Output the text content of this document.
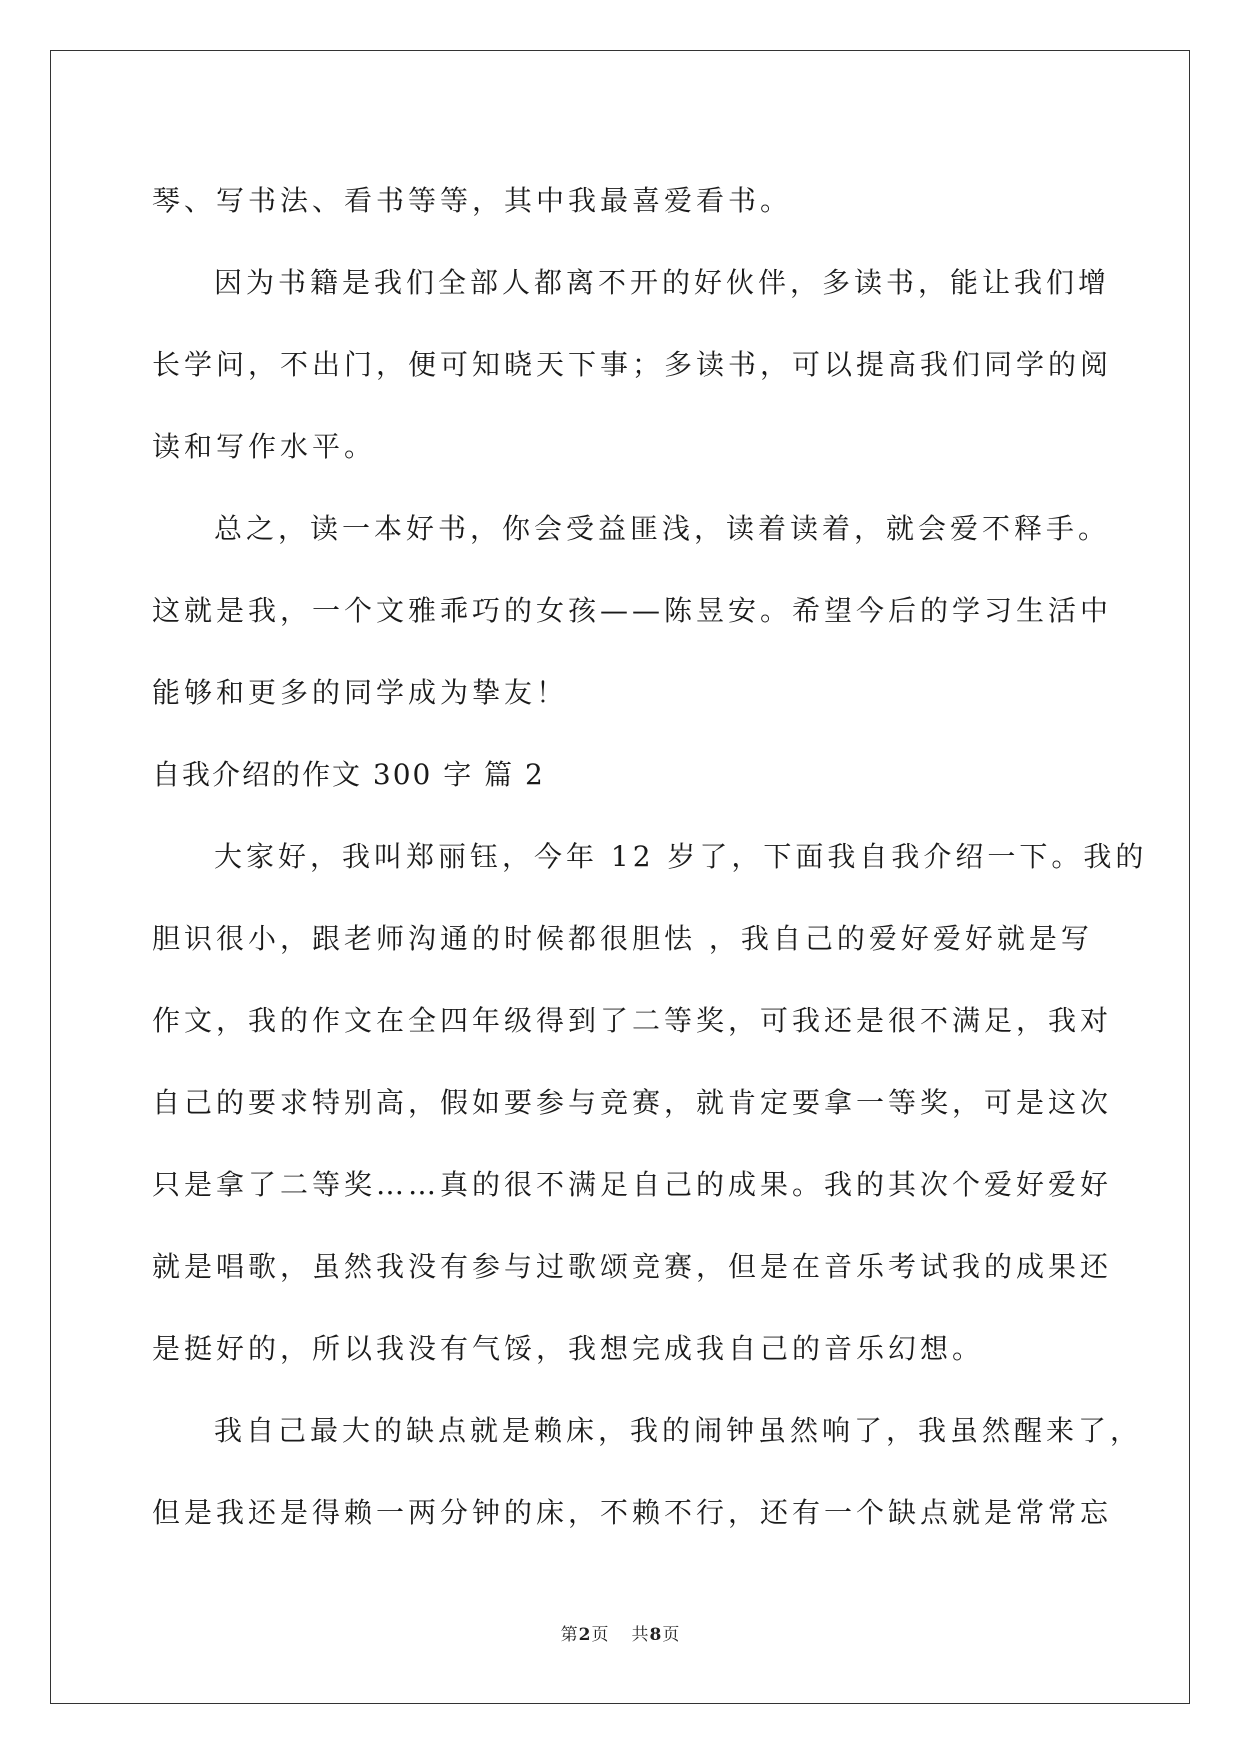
琴、写书法、看书等等，其中我最喜爱看书。
因为书籍是我们全部人都离不开的好伙伴，多读书，能让我们增
长学问，不出门，便可知晓天下事；多读书，可以提高我们同学的阅
读和写作水平。
总之，读一本好书，你会受益匪浅，读着读着，就会爱不释手。
这就是我，一个文雅乖巧的女孩——陈昱安。希望今后的学习生活中
能够和更多的同学成为挚友！
自我介绍的作文 300 字 篇 2
大家好，我叫郑丽钰，今年 12 岁了，下面我自我介绍一下。我的
胆识很小，跟老师沟通的时候都很胆怯 ，我自己的爱好爱好就是写
作文，我的作文在全四年级得到了二等奖，可我还是很不满足，我对
自己的要求特别高，假如要参与竞赛，就肯定要拿一等奖，可是这次
只是拿了二等奖……真的很不满足自己的成果。我的其次个爱好爱好
就是唱歌，虽然我没有参与过歌颂竞赛，但是在音乐考试我的成果还
是挺好的，所以我没有气馁，我想完成我自己的音乐幻想。
我自己最大的缺点就是赖床，我的闹钟虽然响了，我虽然醒来了，
但是我还是得赖一两分钟的床，不赖不行，还有一个缺点就是常常忘
第2页 共8页
